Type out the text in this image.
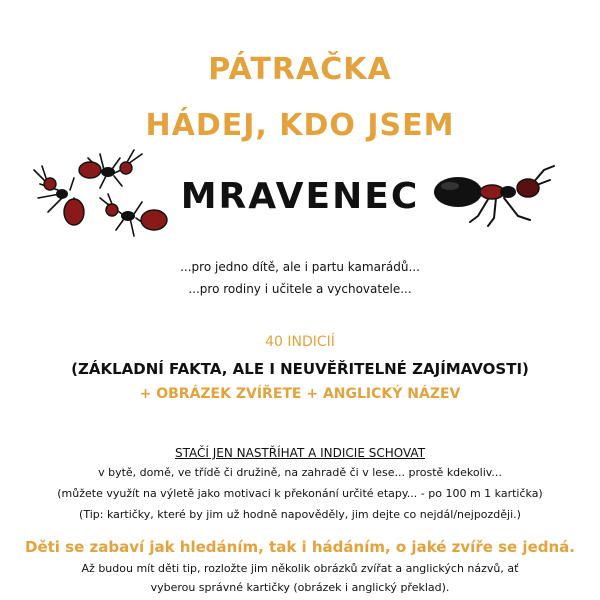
PÁTRAČKA
HÁDEJ, KDO JSEM
MRAVENEC
...pro jedno dítě, ale i partu kamarádů...
...pro rodiny i učitele a vychovatele...
40 INDICIÍ
(ZÁKLADNÍ FAKTA, ALE I NEUVĚŘITELNÉ ZAJÍMAVOSTI)
+ OBRÁZEK ZVÍŘETE + ANGLICKÝ NÁZEV
STAČÍ JEN NASTŘÍHAT A INDICIE SCHOVAT
v bytě, domě, ve třídě či družině, na zahradě či v lese... prostě kdekoliv...
(můžete využít na výletě jako motivaci k překonání určité etapy... - po 100 m 1 kartička)
(Tip: kartičky, které by jim už hodně napověděly, jim dejte co nejdál/nejpozději.)
Děti se zabaví jak hledáním, tak i hádáním, o jaké zvíře se jedná.
Až budou mít děti tip, rozložte jim několik obrázků zvířat a anglických názvů, ať
vyberou správné kartičky (obrázek i anglický překlad).
